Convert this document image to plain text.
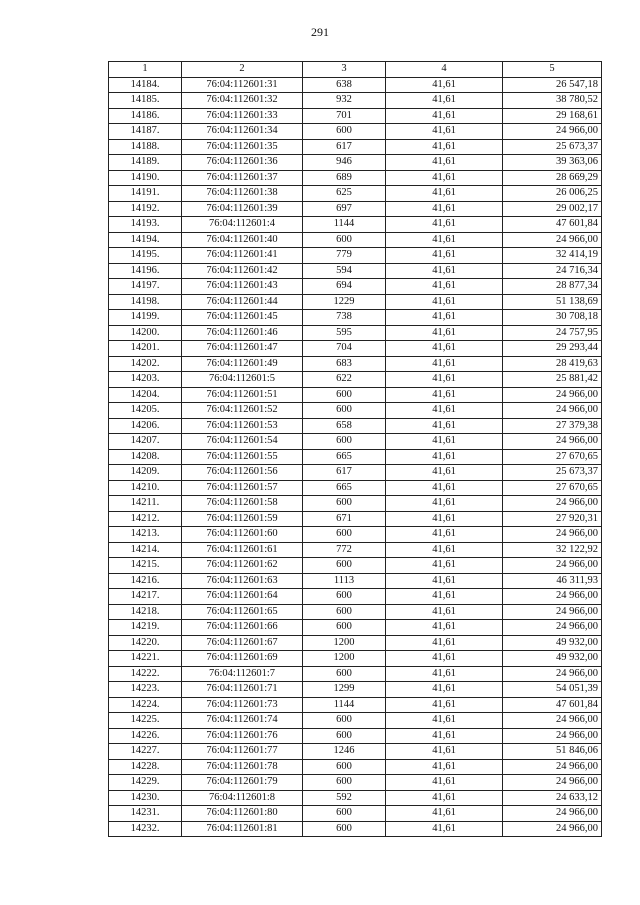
291
1	2	3	4	5
14184.	76:04:112601:31	638	41,61	26 547,18
14185.	76:04:112601:32	932	41,61	38 780,52
14186.	76:04:112601:33	701	41,61	29 168,61
14187.	76:04:112601:34	600	41,61	24 966,00
14188.	76:04:112601:35	617	41,61	25 673,37
14189.	76:04:112601:36	946	41,61	39 363,06
14190.	76:04:112601:37	689	41,61	28 669,29
14191.	76:04:112601:38	625	41,61	26 006,25
14192.	76:04:112601:39	697	41,61	29 002,17
14193.	76:04:112601:4	1144	41,61	47 601,84
14194.	76:04:112601:40	600	41,61	24 966,00
14195.	76:04:112601:41	779	41,61	32 414,19
14196.	76:04:112601:42	594	41,61	24 716,34
14197.	76:04:112601:43	694	41,61	28 877,34
14198.	76:04:112601:44	1229	41,61	51 138,69
14199.	76:04:112601:45	738	41,61	30 708,18
14200.	76:04:112601:46	595	41,61	24 757,95
14201.	76:04:112601:47	704	41,61	29 293,44
14202.	76:04:112601:49	683	41,61	28 419,63
14203.	76:04:112601:5	622	41,61	25 881,42
14204.	76:04:112601:51	600	41,61	24 966,00
14205.	76:04:112601:52	600	41,61	24 966,00
14206.	76:04:112601:53	658	41,61	27 379,38
14207.	76:04:112601:54	600	41,61	24 966,00
14208.	76:04:112601:55	665	41,61	27 670,65
14209.	76:04:112601:56	617	41,61	25 673,37
14210.	76:04:112601:57	665	41,61	27 670,65
14211.	76:04:112601:58	600	41,61	24 966,00
14212.	76:04:112601:59	671	41,61	27 920,31
14213.	76:04:112601:60	600	41,61	24 966,00
14214.	76:04:112601:61	772	41,61	32 122,92
14215.	76:04:112601:62	600	41,61	24 966,00
14216.	76:04:112601:63	1113	41,61	46 311,93
14217.	76:04:112601:64	600	41,61	24 966,00
14218.	76:04:112601:65	600	41,61	24 966,00
14219.	76:04:112601:66	600	41,61	24 966,00
14220.	76:04:112601:67	1200	41,61	49 932,00
14221.	76:04:112601:69	1200	41,61	49 932,00
14222.	76:04:112601:7	600	41,61	24 966,00
14223.	76:04:112601:71	1299	41,61	54 051,39
14224.	76:04:112601:73	1144	41,61	47 601,84
14225.	76:04:112601:74	600	41,61	24 966,00
14226.	76:04:112601:76	600	41,61	24 966,00
14227.	76:04:112601:77	1246	41,61	51 846,06
14228.	76:04:112601:78	600	41,61	24 966,00
14229.	76:04:112601:79	600	41,61	24 966,00
14230.	76:04:112601:8	592	41,61	24 633,12
14231.	76:04:112601:80	600	41,61	24 966,00
14232.	76:04:112601:81	600	41,61	24 966,00
